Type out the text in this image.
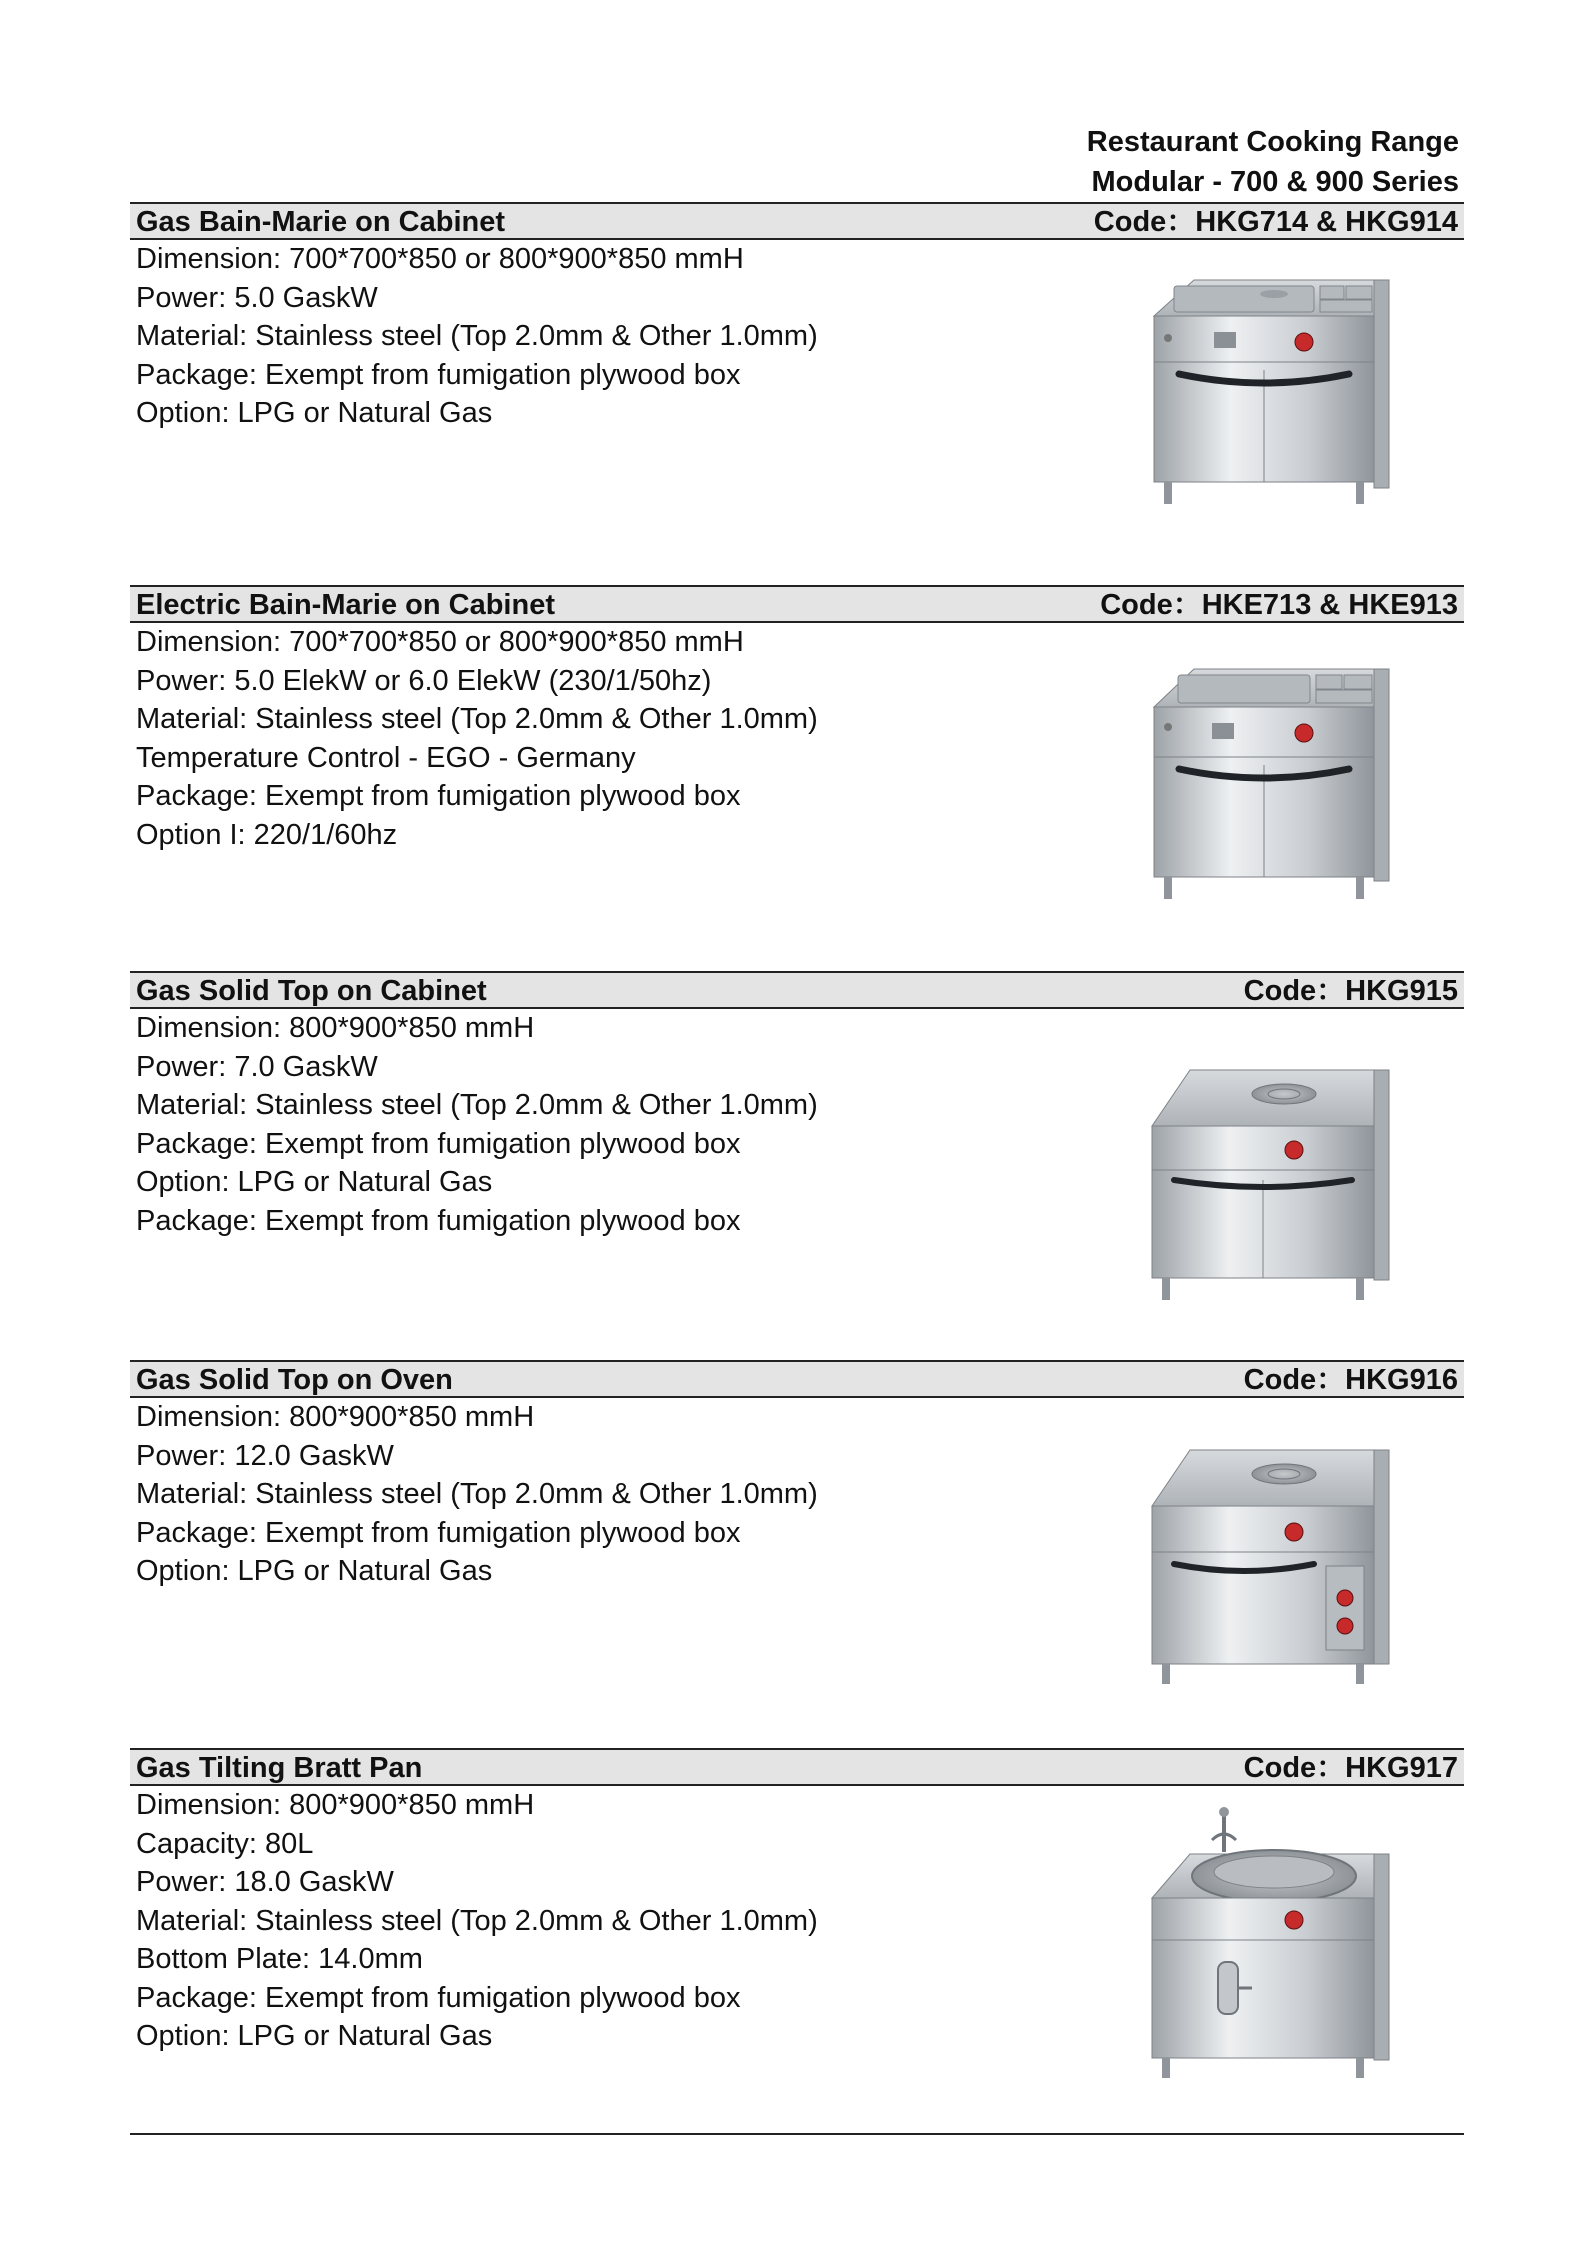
Restaurant Cooking Range
Modular - 700 & 900 Series
Gas Bain-Marie on Cabinet	Code：HKG714 & HKG914
Dimension: 700*700*850 or 800*900*850 mmH
Power: 5.0 GaskW
Material: Stainless steel (Top 2.0mm & Other 1.0mm)
Package: Exempt from fumigation plywood box
Option: LPG or Natural Gas
Electric Bain-Marie on Cabinet	Code：HKE713 & HKE913
Dimension: 700*700*850 or 800*900*850 mmH
Power: 5.0 ElekW or 6.0 ElekW (230/1/50hz)
Material: Stainless steel (Top 2.0mm & Other 1.0mm)
Temperature Control - EGO - Germany
Package: Exempt from fumigation plywood box
Option I: 220/1/60hz
Gas Solid Top on Cabinet	Code：HKG915
Dimension: 800*900*850 mmH
Power: 7.0 GaskW
Material: Stainless steel (Top 2.0mm & Other 1.0mm)
Package: Exempt from fumigation plywood box
Option: LPG or Natural Gas
Package: Exempt from fumigation plywood box
Gas Solid Top on Oven	Code：HKG916
Dimension: 800*900*850 mmH
Power: 12.0 GaskW
Material: Stainless steel (Top 2.0mm & Other 1.0mm)
Package: Exempt from fumigation plywood box
Option: LPG or Natural Gas
Gas Tilting Bratt Pan	Code：HKG917
Dimension: 800*900*850 mmH
Capacity: 80L
Power: 18.0 GaskW
Material: Stainless steel (Top 2.0mm & Other 1.0mm)
Bottom Plate: 14.0mm
Package: Exempt from fumigation plywood box
Option: LPG or Natural Gas
